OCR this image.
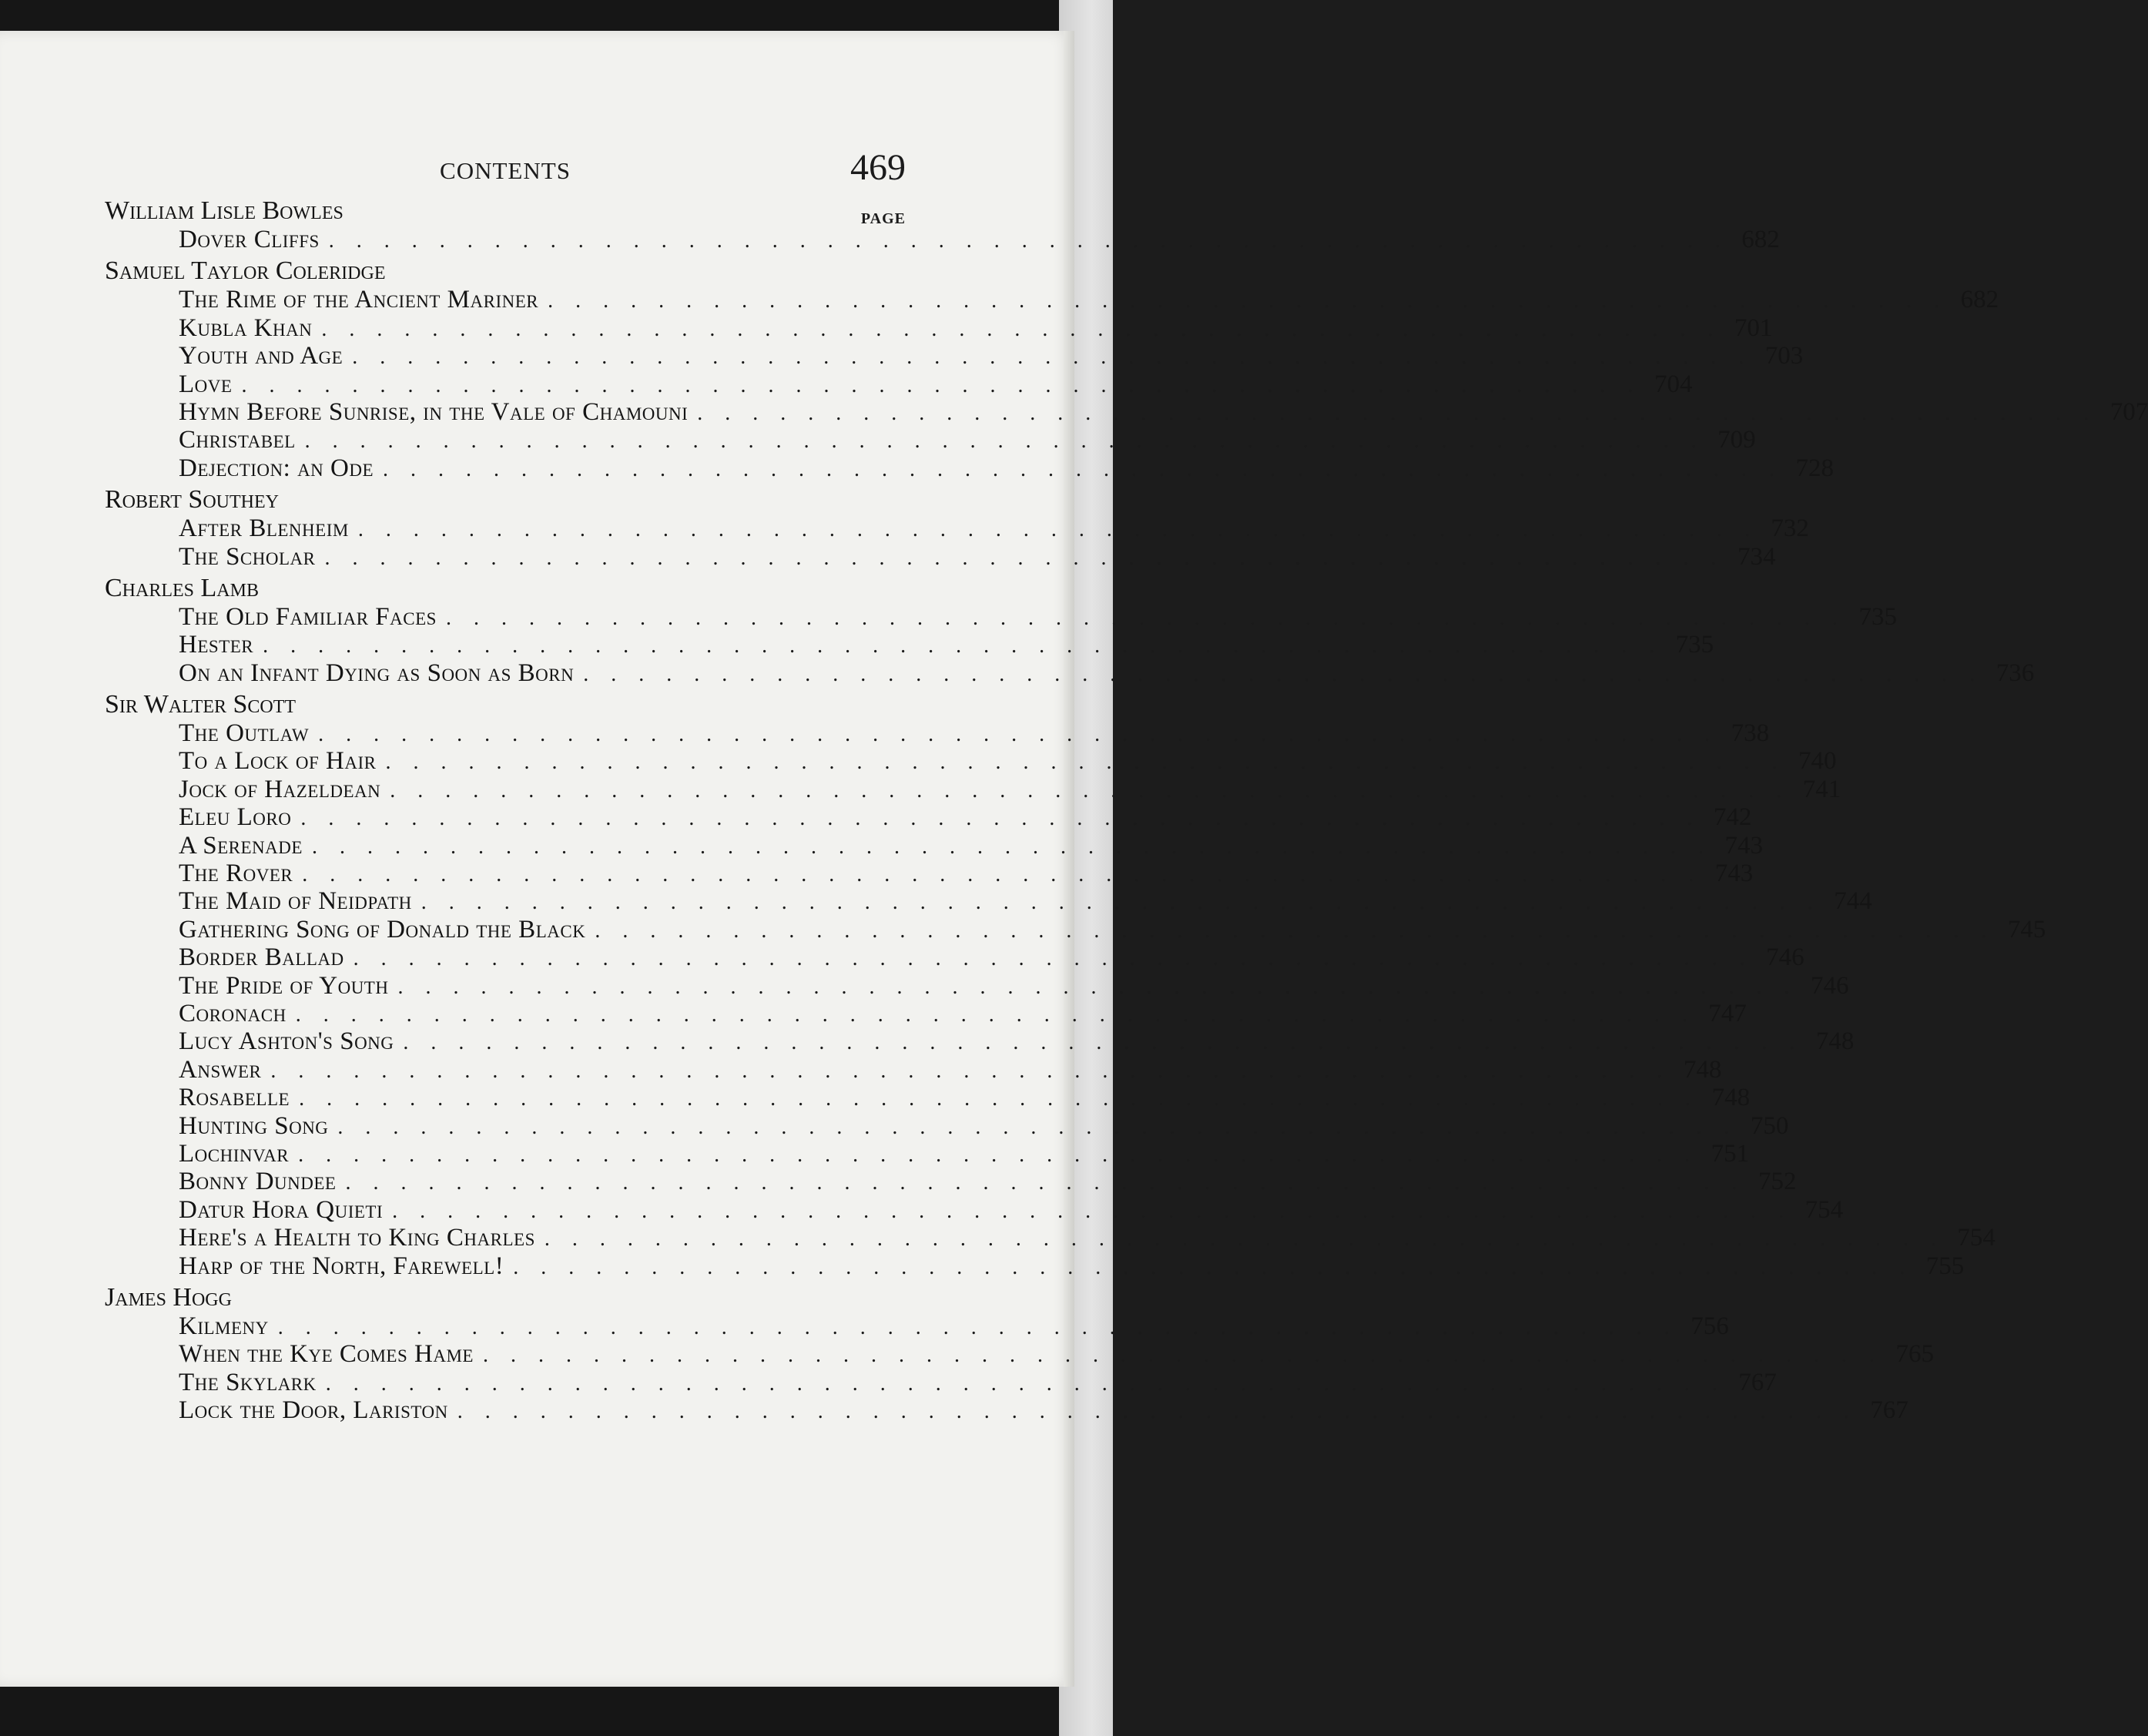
CONTENTS	469
PAGE
William Lisle Bowles
Dover Cliffs . . . . . . . . . . . . . . . . . . . . . . . . . . . . . . . . . . . . . . . . . . . . . . . . . . . 682
Samuel Taylor Coleridge
The Rime of the Ancient Mariner . . . . . . . . . . . . . . . . . . . . . . . . . . . . . . . . . . . . . . . . . . . . . . . . . . . 682
Kubla Khan . . . . . . . . . . . . . . . . . . . . . . . . . . . . . . . . . . . . . . . . . . . . . . . . . . . 701
Youth and Age . . . . . . . . . . . . . . . . . . . . . . . . . . . . . . . . . . . . . . . . . . . . . . . . . . . 703
Love . . . . . . . . . . . . . . . . . . . . . . . . . . . . . . . . . . . . . . . . . . . . . . . . . . . 704
Hymn Before Sunrise, in the Vale of Chamouni . . . . . . . . . . . . . . . . . . . . . . . . . . . . . . . . . . . . . . . . . . . . . . . . . . . 707
Christabel . . . . . . . . . . . . . . . . . . . . . . . . . . . . . . . . . . . . . . . . . . . . . . . . . . . 709
Dejection: an Ode . . . . . . . . . . . . . . . . . . . . . . . . . . . . . . . . . . . . . . . . . . . . . . . . . . . 728
Robert Southey
After Blenheim . . . . . . . . . . . . . . . . . . . . . . . . . . . . . . . . . . . . . . . . . . . . . . . . . . . 732
The Scholar . . . . . . . . . . . . . . . . . . . . . . . . . . . . . . . . . . . . . . . . . . . . . . . . . . . 734
Charles Lamb
The Old Familiar Faces . . . . . . . . . . . . . . . . . . . . . . . . . . . . . . . . . . . . . . . . . . . . . . . . . . . 735
Hester . . . . . . . . . . . . . . . . . . . . . . . . . . . . . . . . . . . . . . . . . . . . . . . . . . . 735
On an Infant Dying as Soon as Born . . . . . . . . . . . . . . . . . . . . . . . . . . . . . . . . . . . . . . . . . . . . . . . . . . . 736
Sir Walter Scott
The Outlaw . . . . . . . . . . . . . . . . . . . . . . . . . . . . . . . . . . . . . . . . . . . . . . . . . . . 738
To a Lock of Hair . . . . . . . . . . . . . . . . . . . . . . . . . . . . . . . . . . . . . . . . . . . . . . . . . . . 740
Jock of Hazeldean . . . . . . . . . . . . . . . . . . . . . . . . . . . . . . . . . . . . . . . . . . . . . . . . . . . 741
Eleu Loro . . . . . . . . . . . . . . . . . . . . . . . . . . . . . . . . . . . . . . . . . . . . . . . . . . . 742
A Serenade . . . . . . . . . . . . . . . . . . . . . . . . . . . . . . . . . . . . . . . . . . . . . . . . . . . 743
The Rover . . . . . . . . . . . . . . . . . . . . . . . . . . . . . . . . . . . . . . . . . . . . . . . . . . . 743
The Maid of Neidpath . . . . . . . . . . . . . . . . . . . . . . . . . . . . . . . . . . . . . . . . . . . . . . . . . . . 744
Gathering Song of Donald the Black . . . . . . . . . . . . . . . . . . . . . . . . . . . . . . . . . . . . . . . . . . . . . . . . . . . 745
Border Ballad . . . . . . . . . . . . . . . . . . . . . . . . . . . . . . . . . . . . . . . . . . . . . . . . . . . 746
The Pride of Youth . . . . . . . . . . . . . . . . . . . . . . . . . . . . . . . . . . . . . . . . . . . . . . . . . . . 746
Coronach . . . . . . . . . . . . . . . . . . . . . . . . . . . . . . . . . . . . . . . . . . . . . . . . . . . 747
Lucy Ashton's Song . . . . . . . . . . . . . . . . . . . . . . . . . . . . . . . . . . . . . . . . . . . . . . . . . . . 748
Answer . . . . . . . . . . . . . . . . . . . . . . . . . . . . . . . . . . . . . . . . . . . . . . . . . . . 748
Rosabelle . . . . . . . . . . . . . . . . . . . . . . . . . . . . . . . . . . . . . . . . . . . . . . . . . . . 748
Hunting Song . . . . . . . . . . . . . . . . . . . . . . . . . . . . . . . . . . . . . . . . . . . . . . . . . . . 750
Lochinvar . . . . . . . . . . . . . . . . . . . . . . . . . . . . . . . . . . . . . . . . . . . . . . . . . . . 751
Bonny Dundee . . . . . . . . . . . . . . . . . . . . . . . . . . . . . . . . . . . . . . . . . . . . . . . . . . . 752
Datur Hora Quieti . . . . . . . . . . . . . . . . . . . . . . . . . . . . . . . . . . . . . . . . . . . . . . . . . . . 754
Here's a Health to King Charles . . . . . . . . . . . . . . . . . . . . . . . . . . . . . . . . . . . . . . . . . . . . . . . . . . . 754
Harp of the North, Farewell! . . . . . . . . . . . . . . . . . . . . . . . . . . . . . . . . . . . . . . . . . . . . . . . . . . . 755
James Hogg
Kilmeny . . . . . . . . . . . . . . . . . . . . . . . . . . . . . . . . . . . . . . . . . . . . . . . . . . . 756
When the Kye Comes Hame . . . . . . . . . . . . . . . . . . . . . . . . . . . . . . . . . . . . . . . . . . . . . . . . . . . 765
The Skylark . . . . . . . . . . . . . . . . . . . . . . . . . . . . . . . . . . . . . . . . . . . . . . . . . . . 767
Lock the Door, Lariston . . . . . . . . . . . . . . . . . . . . . . . . . . . . . . . . . . . . . . . . . . . . . . . . . . . 767
